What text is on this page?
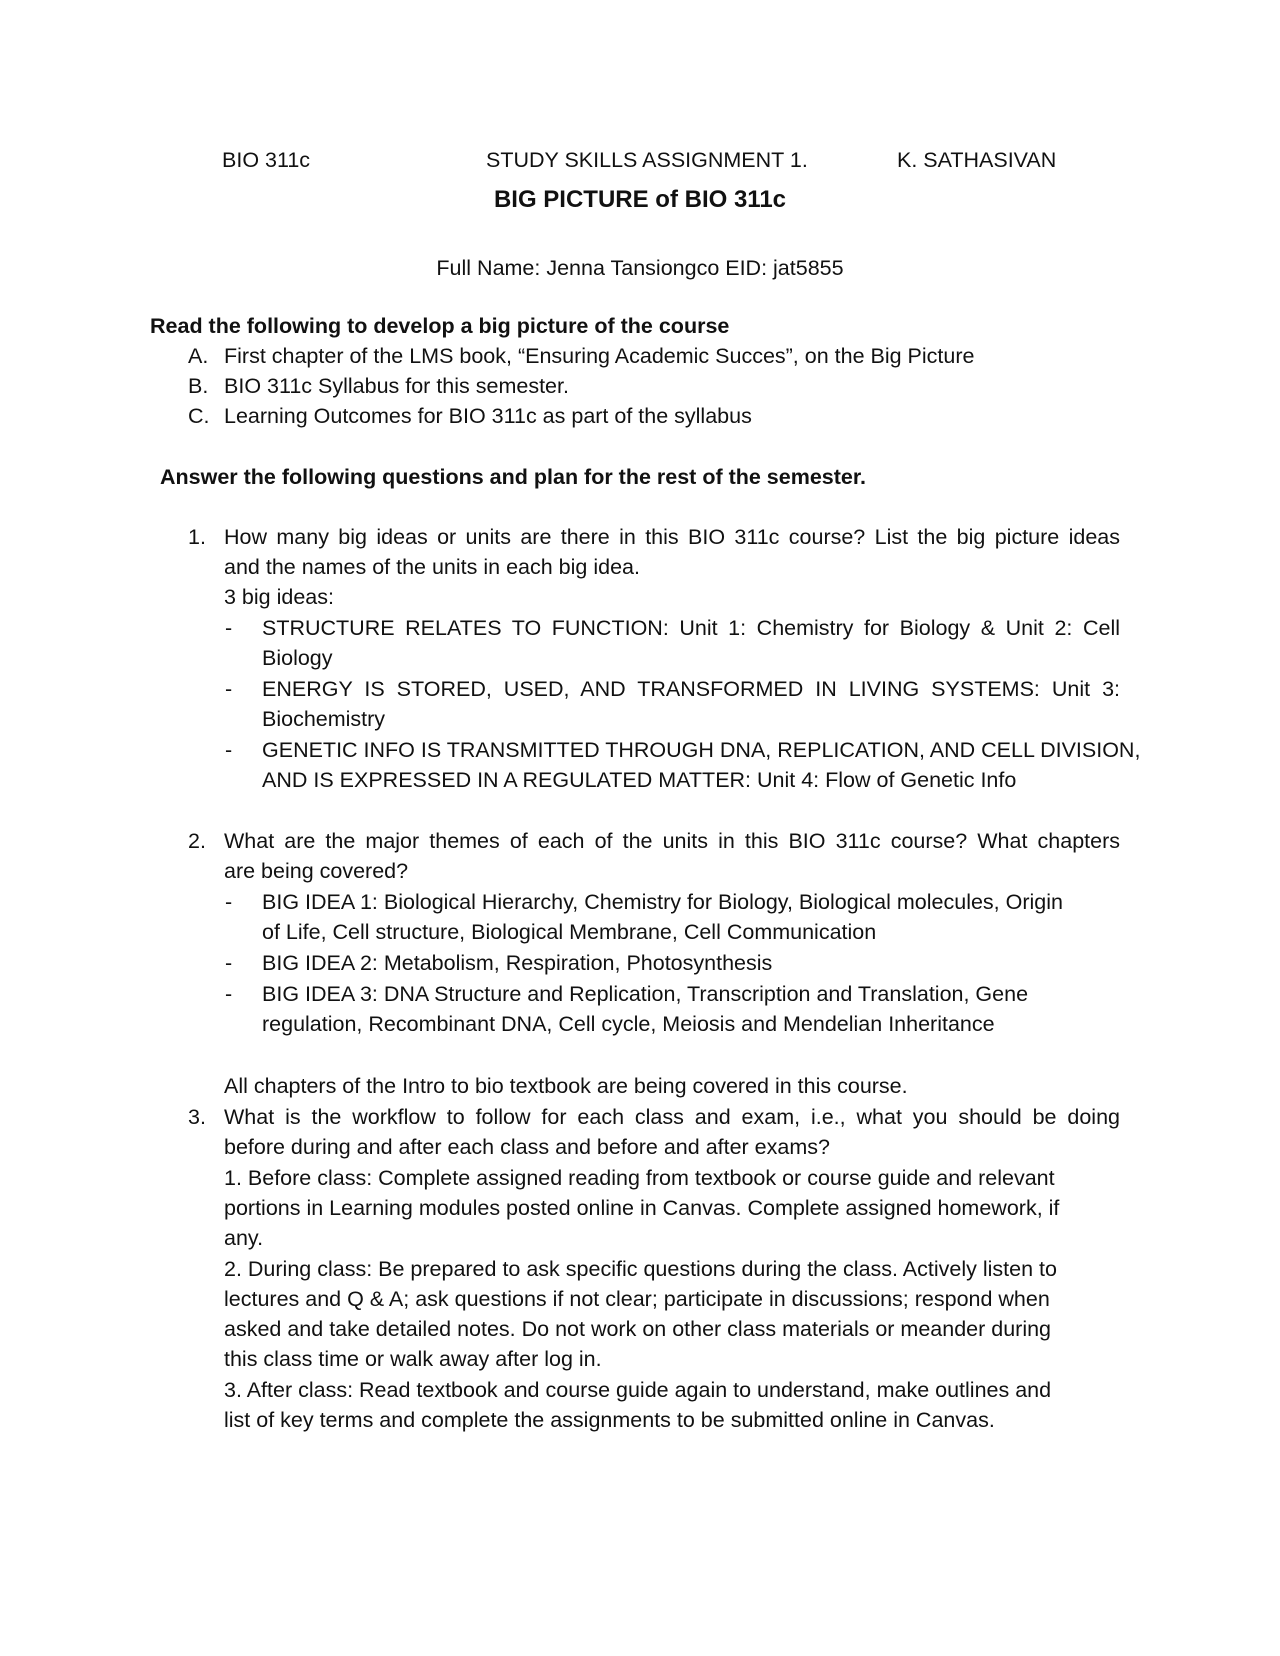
BIO 311c	STUDY SKILLS ASSIGNMENT 1.	K. SATHASIVAN
BIG PICTURE of BIO 311c
Full Name: Jenna Tansiongco EID: jat5855
Read the following to develop a big picture of the course
A. First chapter of the LMS book, “Ensuring Academic Succes”, on the Big Picture
B. BIO 311c Syllabus for this semester.
C. Learning Outcomes for BIO 311c as part of the syllabus
Answer the following questions and plan for the rest of the semester.
1. How many big ideas or units are there in this BIO 311c course? List the big picture ideas
and the names of the units in each big idea.
3 big ideas:
- STRUCTURE RELATES TO FUNCTION: Unit 1: Chemistry for Biology & Unit 2: Cell
Biology
- ENERGY IS STORED, USED, AND TRANSFORMED IN LIVING SYSTEMS: Unit 3:
Biochemistry
- GENETIC INFO IS TRANSMITTED THROUGH DNA, REPLICATION, AND CELL DIVISION,
AND IS EXPRESSED IN A REGULATED MATTER: Unit 4: Flow of Genetic Info
2. What are the major themes of each of the units in this BIO 311c course? What chapters
are being covered?
- BIG IDEA 1: Biological Hierarchy, Chemistry for Biology, Biological molecules, Origin
of Life, Cell structure, Biological Membrane, Cell Communication
- BIG IDEA 2: Metabolism, Respiration, Photosynthesis
- BIG IDEA 3: DNA Structure and Replication, Transcription and Translation, Gene
regulation, Recombinant DNA, Cell cycle, Meiosis and Mendelian Inheritance
All chapters of the Intro to bio textbook are being covered in this course.
3. What is the workflow to follow for each class and exam, i.e., what you should be doing
before during and after each class and before and after exams?
1. Before class: Complete assigned reading from textbook or course guide and relevant
portions in Learning modules posted online in Canvas. Complete assigned homework, if
any.
2. During class: Be prepared to ask specific questions during the class. Actively listen to
lectures and Q & A; ask questions if not clear; participate in discussions; respond when
asked and take detailed notes. Do not work on other class materials or meander during
this class time or walk away after log in.
3. After class: Read textbook and course guide again to understand, make outlines and
list of key terms and complete the assignments to be submitted online in Canvas.
